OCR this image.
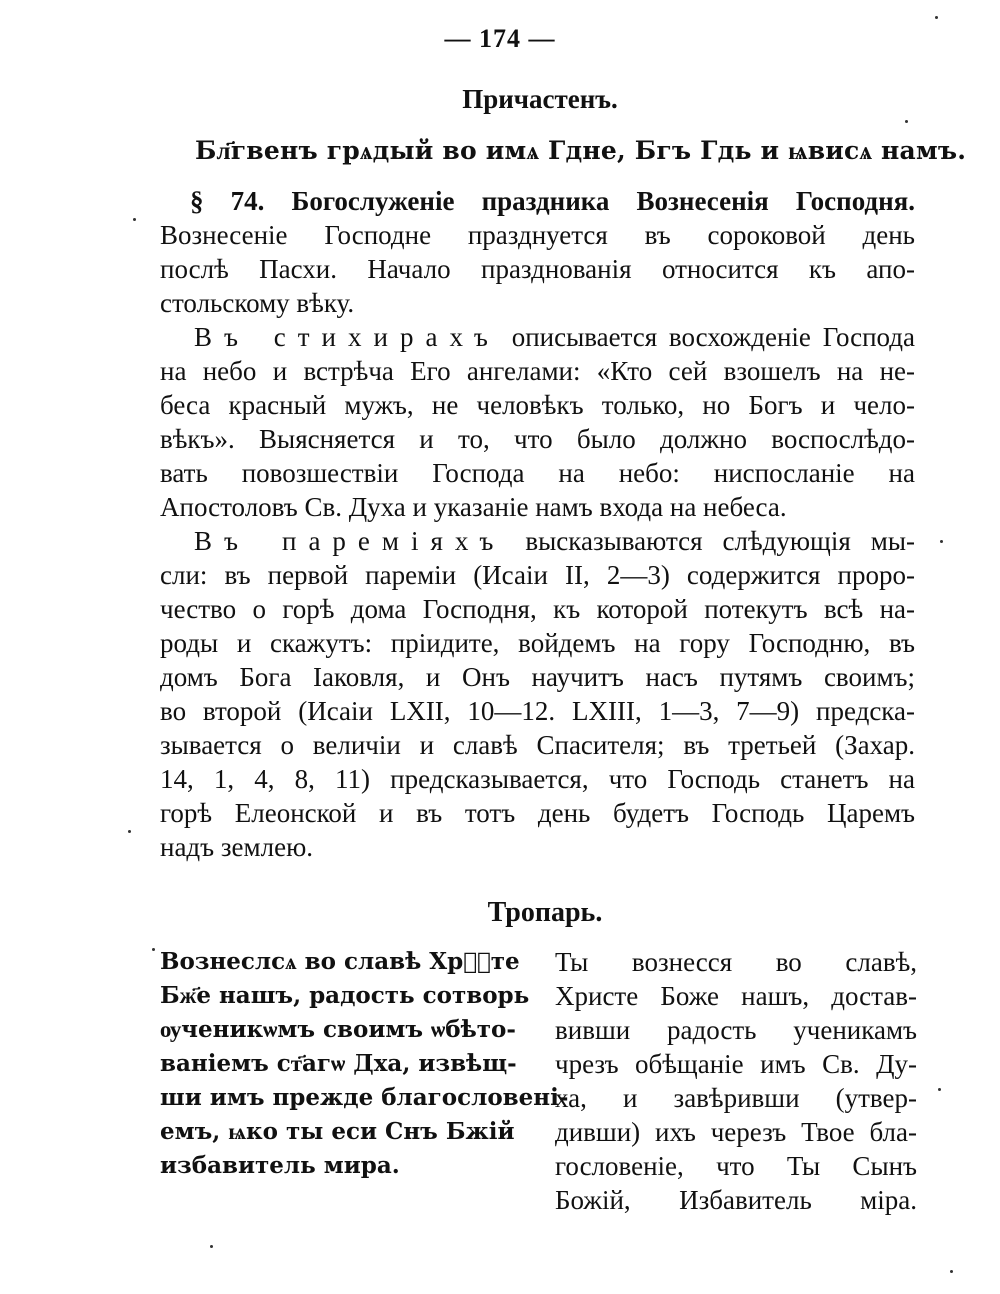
— 174 —
Причастенъ.
Бл҃гвенъ грѧдый во имѧ Гдне, Бгъ Гдь и ѩвисѧ намъ.
§ 74. Богослуженіе праздника Вознесенія Господня.
Вознесеніе Господне празднуется въ сороковой день
послѣ Пасхи. Начало празднованія относится къ апо-
стольскому вѣку.
Въ стихирахъ описывается восхожденіе Господа
на небо и встрѣча Его ангелами: «Кто сей взошелъ на не-
беса красный мужъ, не человѣкъ только, но Богъ и чело-
вѣкъ». Выясняется и то, что было должно воспослѣдо-
вать повозшествіи Господа на небо: ниспосланіе на
Апостоловъ Св. Духа и указаніе намъ входа на небеса.
Въ пареміяхъ высказываются слѣдующія мы-
сли: въ первой пареміи (Исаіи II, 2—3) содержится проро-
чество о горѣ дома Господня, къ которой потекутъ всѣ на-
роды и скажутъ: пріидите, войдемъ на гору Господню, въ
домъ Бога Іаковля, и Онъ научитъ насъ путямъ своимъ;
во второй (Исаіи LXII, 10—12. LXIII, 1—3, 7—9) предска-
зывается о величіи и славѣ Спасителя; въ третьей (Захар.
14, 1, 4, 8, 11) предсказывается, что Господь станетъ на
горѣ Елеонской и въ тотъ день будетъ Господь Царемъ
надъ землею.
Тропарь.
Вознеслсѧ во славѣ Хрⷭ҇те
Бж҃е нашъ, радость сотворь
ѹченикѡмъ своимъ ѡбѣто-
ваніемъ ст҃агѡ Дха, извѣщ-
ши имъ прежде благословені-
емъ, ѩко ты еси Снъ Бжій
избавитель мира.
Ты вознесся во славѣ,
Христе Боже нашъ, достав-
вивши радость ученикамъ
чрезъ обѣщаніе имъ Св. Ду-
ха, и завѣривши (утвер-
дивши) ихъ черезъ Твое бла-
гословеніе, что Ты Сынъ
Божій, Избавитель міра.
